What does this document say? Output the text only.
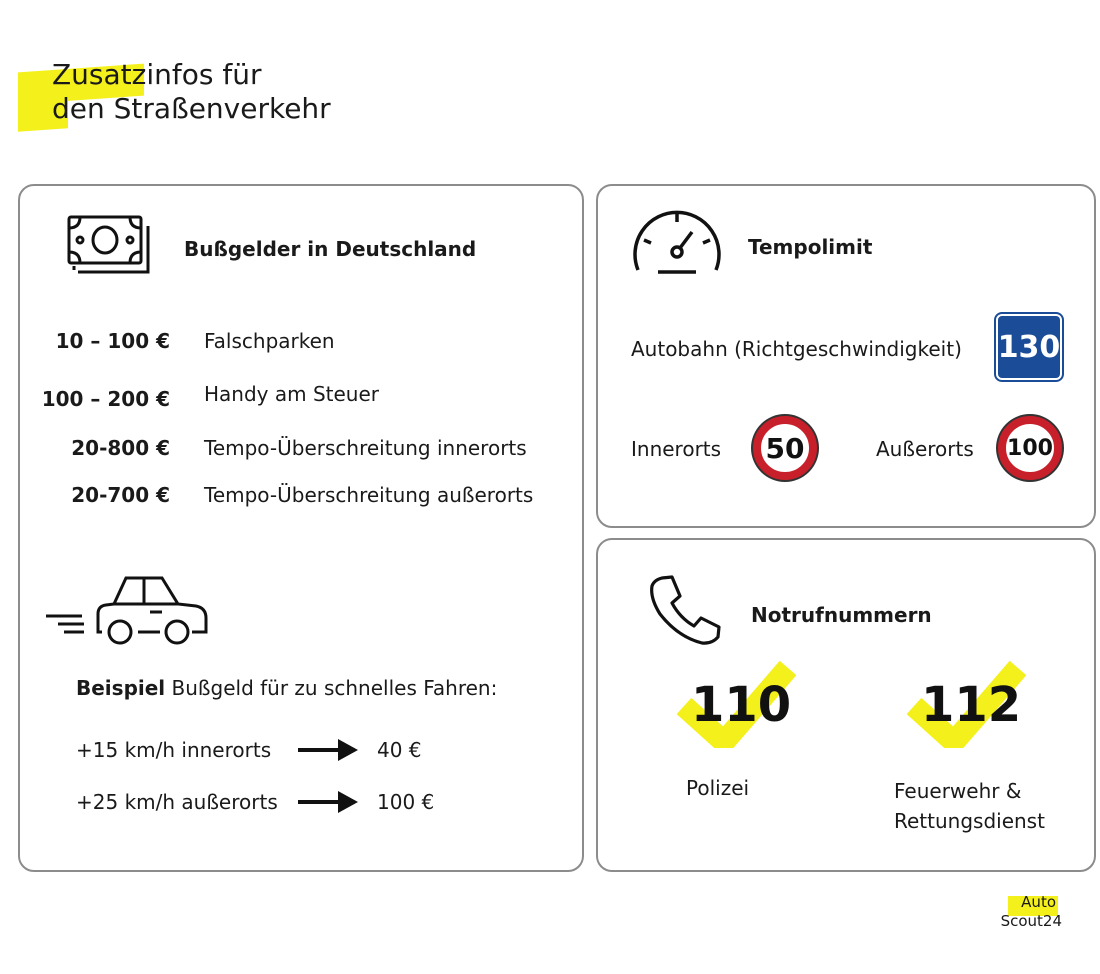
Zusatzinfos für
den Straßenverkehr
Bußgelder in Deutschland
10 – 100 € Falschparken
100 – 200 € Handy am Steuer
20-800 € Tempo-Überschreitung innerorts
20-700 € Tempo-Überschreitung außerorts
Beispiel Bußgeld für zu schnelles Fahren:
+15 km/h innerorts	40 €
+25 km/h außerorts	100 €
Tempolimit
Autobahn (Richtgeschwindigkeit) 130
Innerorts	50	Außerorts	100
Notrufnummern
110
Polizei
112
Feuerwehr &
Rettungsdienst
Auto
Scout24
